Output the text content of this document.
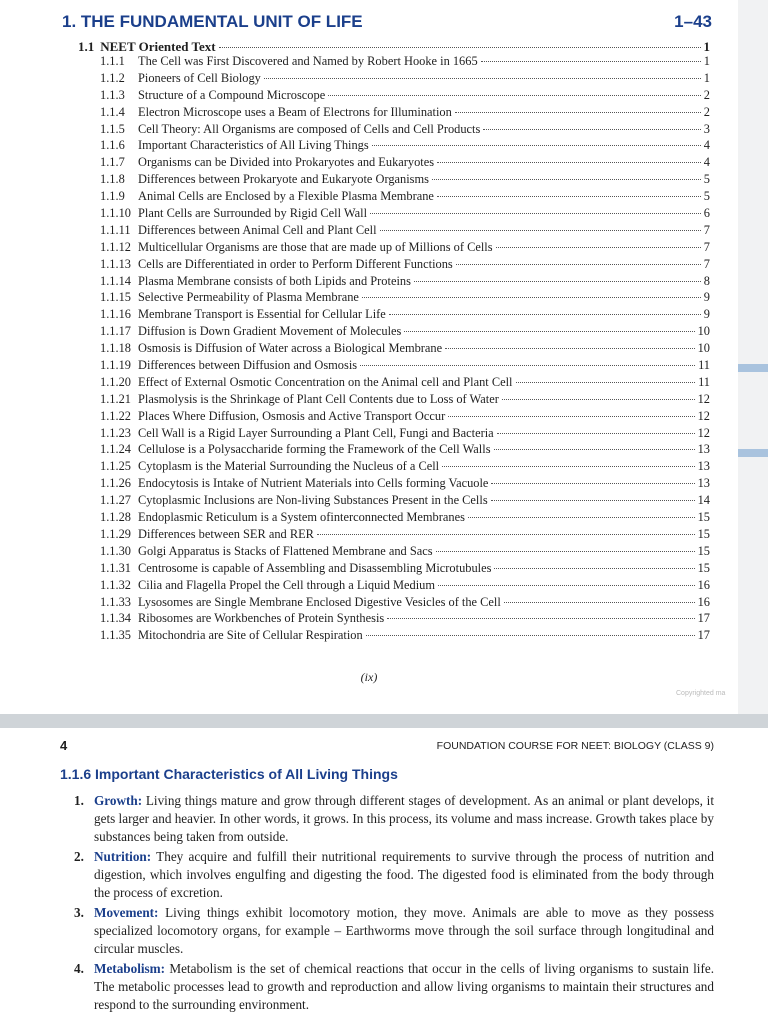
1. THE FUNDAMENTAL UNIT OF LIFE	1–43
1.1 NEET Oriented Text	1
1.1.1	The Cell was First Discovered and Named by Robert Hooke in 1665	1
1.1.2	Pioneers of Cell Biology	1
1.1.3	Structure of a Compound Microscope	2
1.1.4	Electron Microscope uses a Beam of Electrons for Illumination	2
1.1.5	Cell Theory: All Organisms are composed of Cells and Cell Products	3
1.1.6	Important Characteristics of All Living Things	4
1.1.7	Organisms can be Divided into Prokaryotes and Eukaryotes	4
1.1.8	Differences between Prokaryote and Eukaryote Organisms	5
1.1.9	Animal Cells are Enclosed by a Flexible Plasma Membrane	5
1.1.10 Plant Cells are Surrounded by Rigid Cell Wall	6
1.1.11 Differences between Animal Cell and Plant Cell	7
1.1.12 Multicellular Organisms are those that are made up of Millions of Cells	7
1.1.13 Cells are Differentiated in order to Perform Different Functions	7
1.1.14 Plasma Membrane consists of both Lipids and Proteins	8
1.1.15 Selective Permeability of Plasma Membrane	9
1.1.16 Membrane Transport is Essential for Cellular Life	9
1.1.17 Diffusion is Down Gradient Movement of Molecules	10
1.1.18 Osmosis is Diffusion of Water across a Biological Membrane	10
1.1.19 Differences between Diffusion and Osmosis	11
1.1.20 Effect of External Osmotic Concentration on the Animal cell and Plant Cell	11
1.1.21 Plasmolysis is the Shrinkage of Plant Cell Contents due to Loss of Water	12
1.1.22 Places Where Diffusion, Osmosis and Active Transport Occur	12
1.1.23 Cell Wall is a Rigid Layer Surrounding a Plant Cell, Fungi and Bacteria	12
1.1.24 Cellulose is a Polysaccharide forming the Framework of the Cell Walls	13
1.1.25 Cytoplasm is the Material Surrounding the Nucleus of a Cell	13
1.1.26 Endocytosis is Intake of Nutrient Materials into Cells forming Vacuole	13
1.1.27 Cytoplasmic Inclusions are Non-living Substances Present in the Cells	14
1.1.28 Endoplasmic Reticulum is a System ofinterconnected Membranes	15
1.1.29 Differences between SER and RER	15
1.1.30 Golgi Apparatus is Stacks of Flattened Membrane and Sacs	15
1.1.31 Centrosome is capable of Assembling and Disassembling Microtubules	15
1.1.32 Cilia and Flagella Propel the Cell through a Liquid Medium	16
1.1.33 Lysosomes are Single Membrane Enclosed Digestive Vesicles of the Cell	16
1.1.34 Ribosomes are Workbenches of Protein Synthesis	17
1.1.35 Mitochondria are Site of Cellular Respiration	17
(ix)
Copyrighted ma
4	FOUNDATION COURSE FOR NEET: BIOLOGY (CLASS 9)
1.1.6 Important Characteristics of All Living Things
1. Growth: Living things mature and grow through different stages of development. As an animal or plant develops, it gets larger and heavier. In other words, it grows. In this process, its volume and mass increase. Growth takes place by substances being taken from outside.
2. Nutrition: They acquire and fulfill their nutritional requirements to survive through the process of nutrition and digestion, which involves engulfing and digesting the food. The digested food is eliminated from the body through the process of excretion.
3. Movement: Living things exhibit locomotory motion, they move. Animals are able to move as they possess specialized locomotory organs, for example – Earthworms move through the soil surface through longitudinal and circular muscles.
4. Metabolism: Metabolism is the set of chemical reactions that occur in the cells of living organisms to sustain life. The metabolic processes lead to growth and reproduction and allow living organisms to maintain their structures and respond to the surrounding environment.
